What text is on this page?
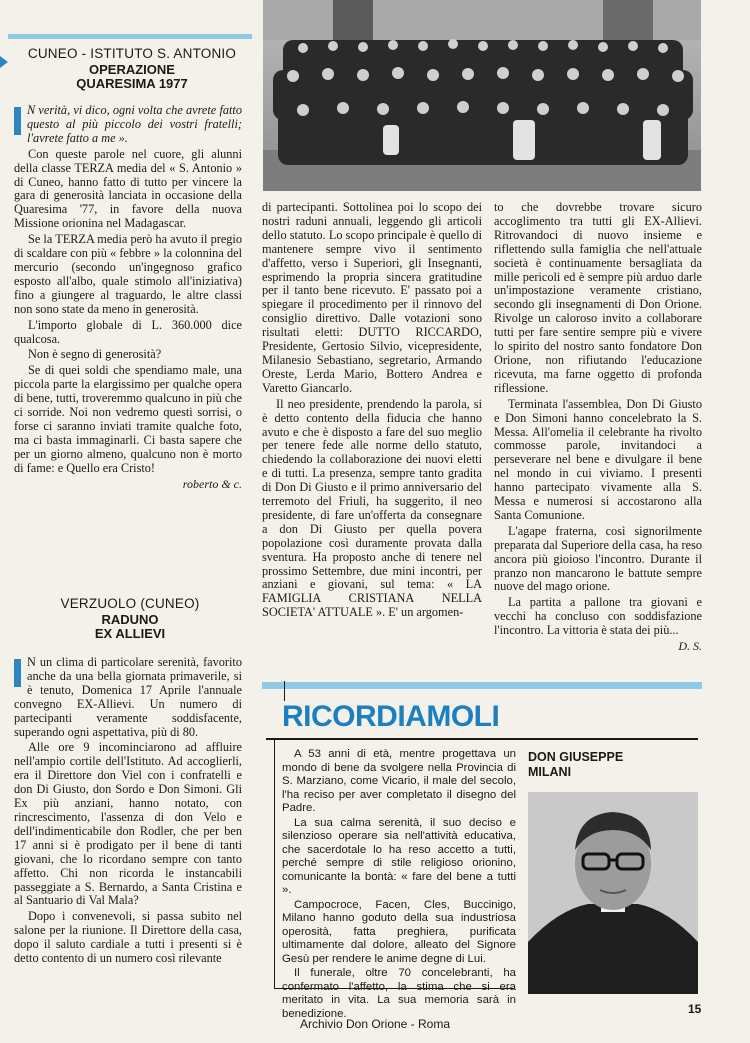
CUNEO - ISTITUTO S. ANTONIO
OPERAZIONE
QUARESIMA 1977

N verità, vi dico, ogni volta che avrete fatto questo al più piccolo dei vostri fratelli; l'avrete fatto a me ».

Con queste parole nel cuore, gli alunni della classe TERZA media del « S. Antonio » di Cuneo, hanno fatto di tutto per vincere la gara di generosità lanciata in occasione della Quaresima '77, in favore della nuova Missione orionina nel Madagascar.

Se la TERZA media però ha avuto il pregio di scaldare con più « febbre » la colonnina del mercurio (secondo un'ingegnoso grafico esposto all'albo, quale stimolo all'iniziativa) fino a giungere al traguardo, le altre classi non sono state da meno in generosità.

L'importo globale di L. 360.000 dice qualcosa.

Non è segno di generosità?

Se di quei soldi che spendiamo male, una piccola parte la elargissimo per qualche opera di bene, tutti, troveremmo qualcuno in più che ci sorride. Noi non vedremo questi sorrisi, o forse ci saranno inviati tramite qualche foto, ma ci basta immaginarli. Ci basta sapere che per un giorno almeno, qualcuno non è morto di fame: e Quello era Cristo!

roberto & c.

VERZUOLO (CUNEO)
RADUNO
EX ALLIEVI

N un clima di particolare serenità, favorito anche da una bella giornata primaverile, si è tenuto, Domenica 17 Aprile l'annuale convegno EX-Allievi. Un numero di partecipanti veramente soddisfacente, superando ogni aspettativa, più di 80.

Alle ore 9 incominciarono ad affluire nell'ampio cortile dell'Istituto. Ad accoglierli, era il Direttore don Viel con i confratelli e don Di Giusto, don Sordo e Don Simoni. Gli Ex più anziani, hanno notato, con rincrescimento, l'assenza di don Velo e dell'indimenticabile don Rodler, che per ben 17 anni si è prodigato per il bene di tanti giovani, che lo ricordano sempre con tanto affetto. Chi non ricorda le instancabili passeggiate a S. Bernardo, a Santa Cristina e al Santuario di Val Mala?

Dopo i convenevoli, si passa subito nel salone per la riunione. Il Direttore della casa, dopo il saluto cardiale a tutti i presenti si è detto contento di un numero così rilevante

di partecipanti. Sottolinea poi lo scopo dei nostri raduni annuali, leggendo gli articoli dello statuto. Lo scopo principale è quello di mantenere sempre vivo il sentimento d'affetto, verso i Superiori, gli Insegnanti, esprimendo la propria sincera gratitudine per il tanto bene ricevuto. E' passato poi a spiegare il procedimento per il rinnovo del consiglio direttivo. Dalle votazioni sono risultati eletti: DUTTO RICCARDO, Presidente, Gertosio Silvio, vicepresidente, Milanesio Sebastiano, segretario, Armando Oreste, Lerda Mario, Bottero Andrea e Varetto Giancarlo.

Il neo presidente, prendendo la parola, si è detto contento della fiducia che hanno avuto e che è disposto a fare del suo meglio per tenere fede alle norme dello statuto, chiedendo la collaborazione dei nuovi eletti e di tutti. La presenza, sempre tanto gradita di Don Di Giusto e il primo anniversario del terremoto del Friuli, ha suggerito, il neo presidente, di fare un'offerta da consegnare a don Di Giusto per quella povera popolazione così duramente provata dalla sventura. Ha proposto anche di tenere nel prossimo Settembre, due mini incontri, per anziani e giovani, sul tema: « LA FAMIGLIA CRISTIANA NELLA SOCIETA' ATTUALE ». E' un argomen-

to che dovrebbe trovare sicuro accoglimento tra tutti gli EX-Allievi. Ritrovandoci di nuovo insieme e riflettendo sulla famiglia che nell'attuale società è continuamente bersagliata da mille pericoli ed è sempre più arduo darle un'impostazione veramente cristiano, secondo gli insegnamenti di Don Orione. Rivolge un caloroso invito a collaborare tutti per fare sentire sempre più e vivere lo spirito del nostro santo fondatore Don Orione, non rifiutando l'educazione ricevuta, ma farne oggetto di profonda riflessione.

Terminata l'assemblea, Don Di Giusto e Don Simoni hanno concelebrato la S. Messa. All'omelia il celebrante ha rivolto commosse parole, invitandoci a perseverare nel bene e divulgare il bene nel mondo in cui viviamo. I presenti hanno partecipato vivamente alla S. Messa e numerosi si accostarono alla Santa Comunione.

L'agape fraterna, così signorilmente preparata dal Superiore della casa, ha reso ancora più gioioso l'incontro. Durante il pranzo non mancarono le battute sempre nuove del mago orione.

La partita a pallone tra giovani e vecchi ha concluso con soddisfazione l'incontro. La vittoria è stata dei più...

D. S.

RICORDIAMOLI

A 53 anni di età, mentre progettava un mondo di bene da svolgere nella Provincia di S. Marziano, come Vicario, il male del secolo, l'ha reciso per aver completato il disegno del Padre.

La sua calma serenità, il suo deciso e silenzioso operare sia nell'attività educativa, che sacerdotale lo ha reso accetto a tutti, perché sempre di stile religioso orionino, comunicante la bontà: « fare del bene a tutti ».

Campocroce, Facen, Cles, Buccinigo, Milano hanno goduto della sua industriosa operosità, fatta preghiera, purificata ultimamente dal dolore, alleato del Signore Gesù per rendere le anime degne di Lui.

Il funerale, oltre 70 concelebranti, ha confermato l'affetto, la stima che si era meritato in vita. La sua memoria sarà in benedizione.

DON GIUSEPPE
MILANI
15
Archivio Don Orione - Roma
